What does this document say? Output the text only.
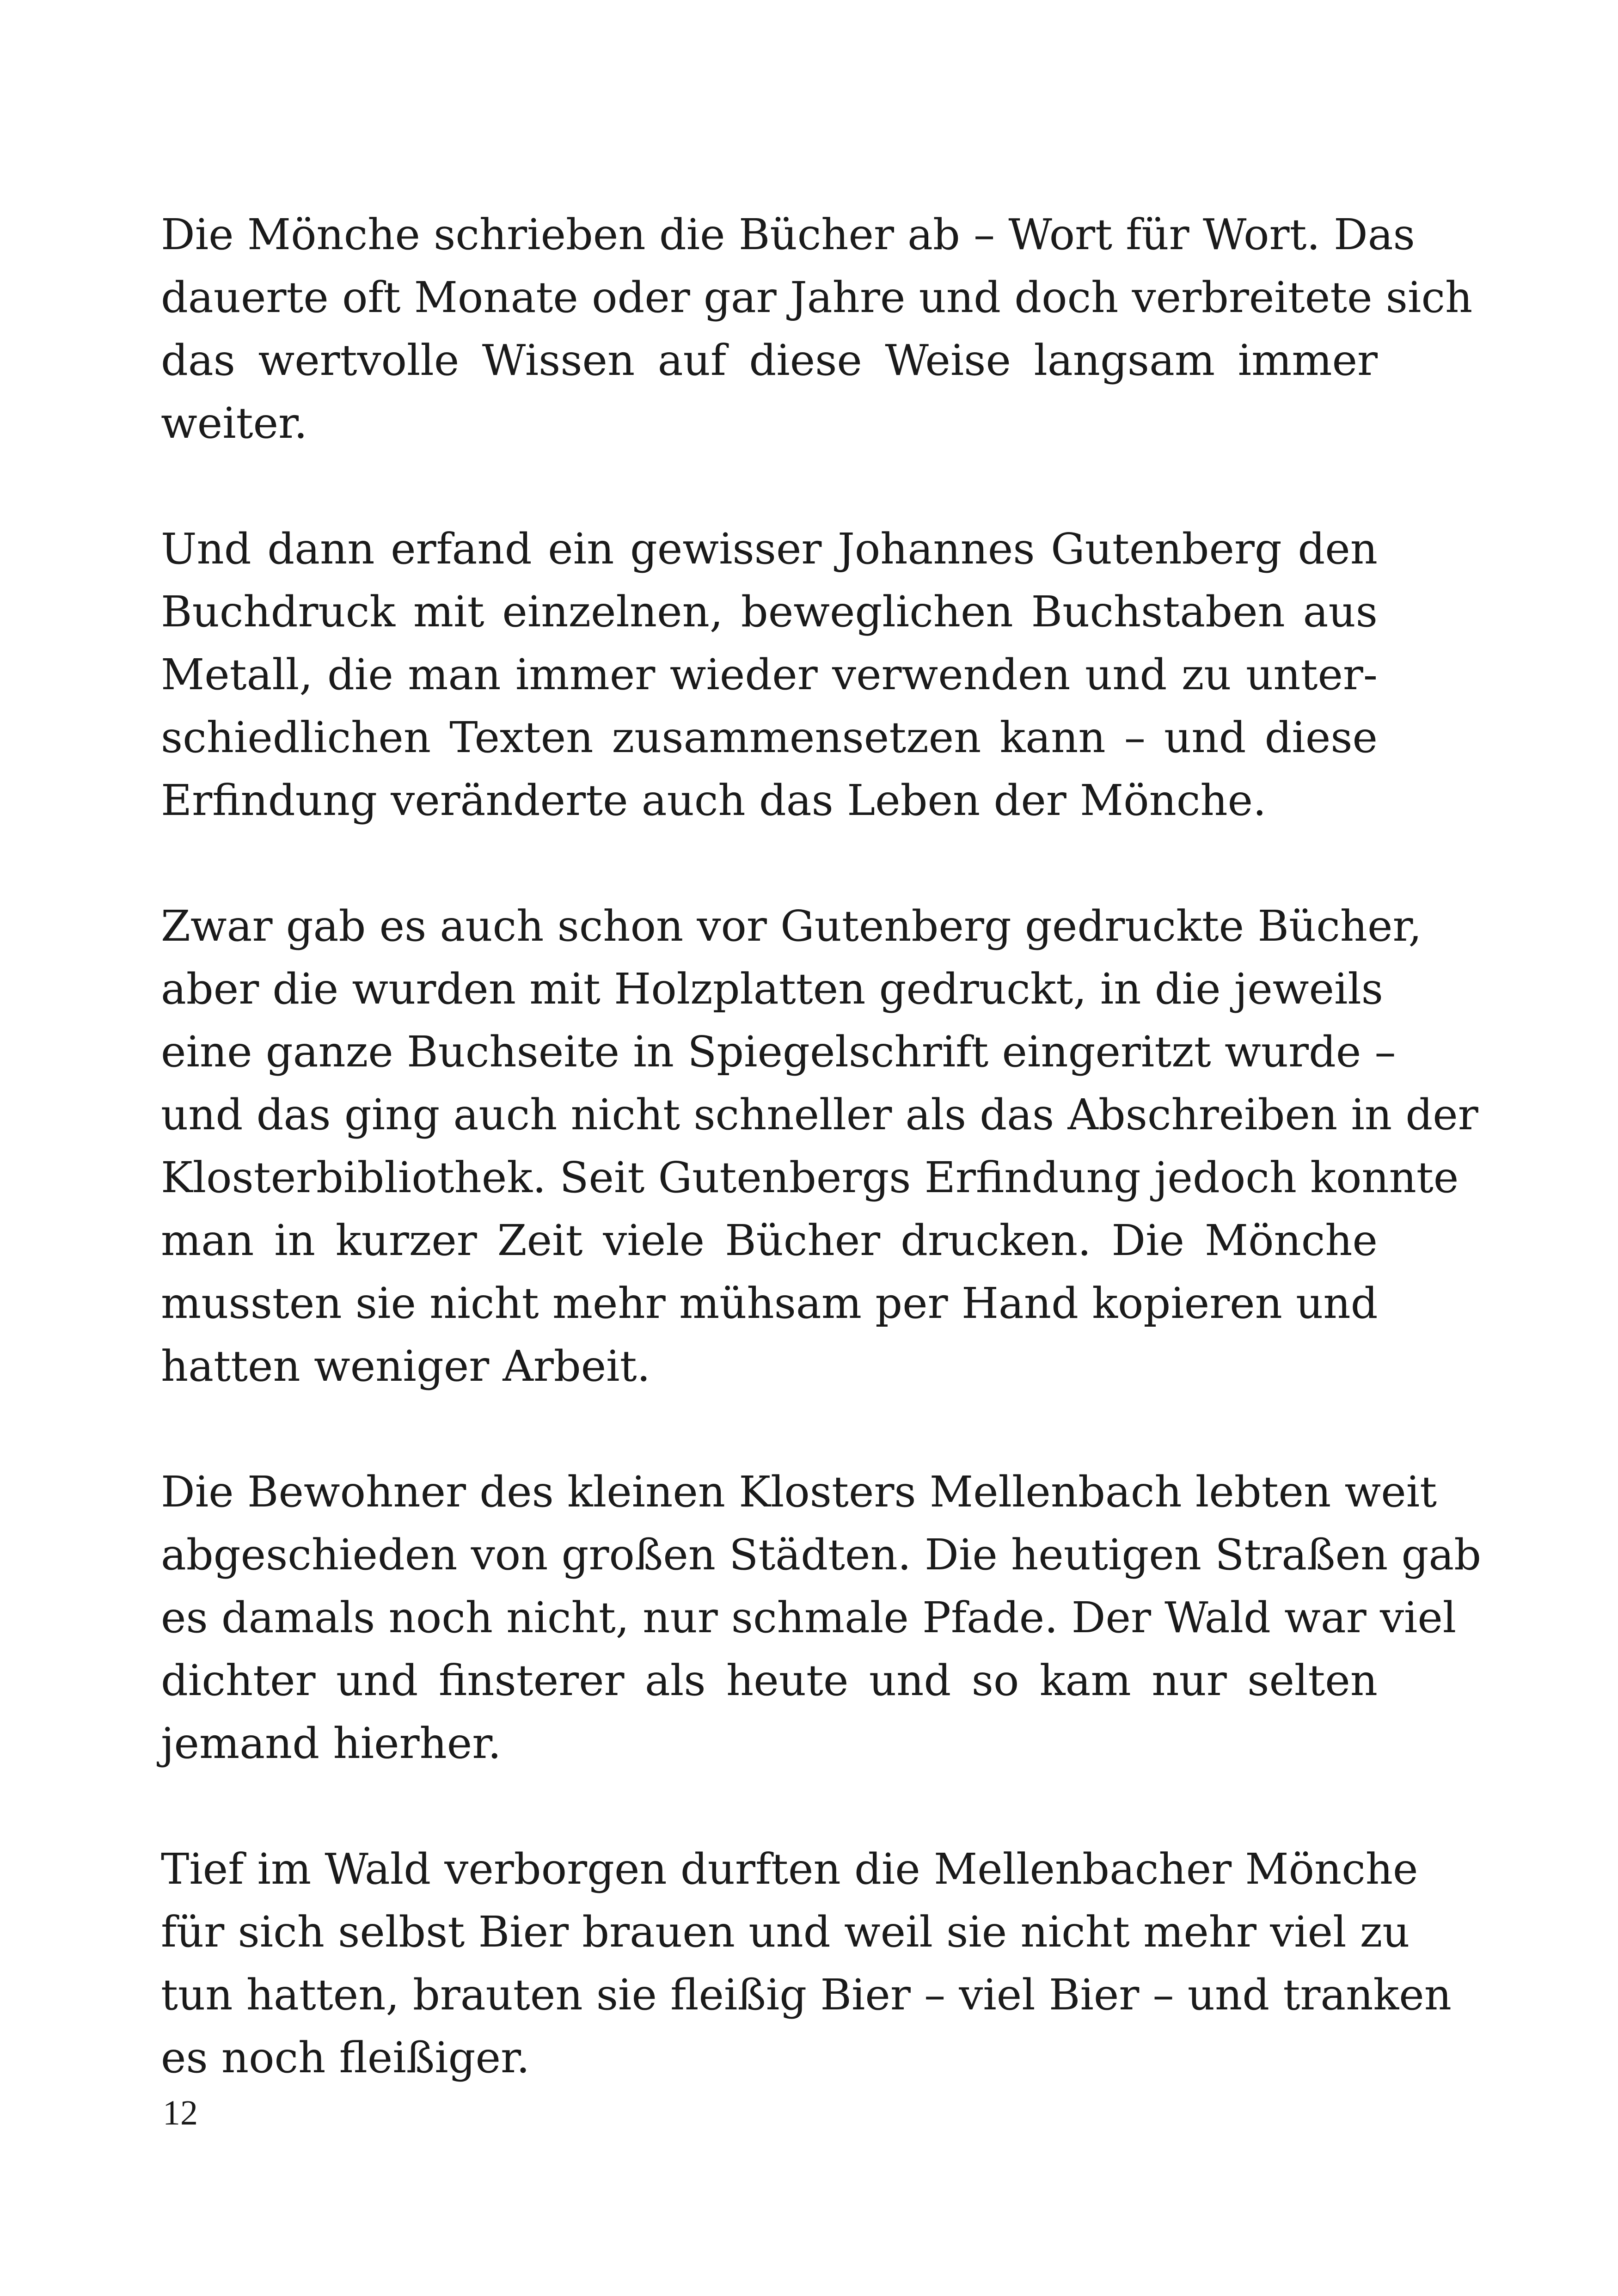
Die Mönche schrieben die Bücher ab – Wort für Wort. Das
dauerte oft Monate oder gar Jahre und doch verbreitete sich
das wertvolle Wissen auf diese Weise langsam immer
weiter.
Und dann erfand ein gewisser Johannes Gutenberg den
Buchdruck mit einzelnen, beweglichen Buchstaben aus
Metall, die man immer wieder verwenden und zu unter-
schiedlichen Texten zusammensetzen kann – und diese
Erfindung veränderte auch das Leben der Mönche.
Zwar gab es auch schon vor Gutenberg gedruckte Bücher,
aber die wurden mit Holzplatten gedruckt, in die jeweils
eine ganze Buchseite in Spiegelschrift eingeritzt wurde –
und das ging auch nicht schneller als das Abschreiben in der
Klosterbibliothek. Seit Gutenbergs Erfindung jedoch konnte
man in kurzer Zeit viele Bücher drucken. Die Mönche
mussten sie nicht mehr mühsam per Hand kopieren und
hatten weniger Arbeit.
Die Bewohner des kleinen Klosters Mellenbach lebten weit
abgeschieden von großen Städten. Die heutigen Straßen gab
es damals noch nicht, nur schmale Pfade. Der Wald war viel
dichter und finsterer als heute und so kam nur selten
jemand hierher.
Tief im Wald verborgen durften die Mellenbacher Mönche
für sich selbst Bier brauen und weil sie nicht mehr viel zu
tun hatten, brauten sie fleißig Bier – viel Bier – und tranken
es noch fleißiger.
12
